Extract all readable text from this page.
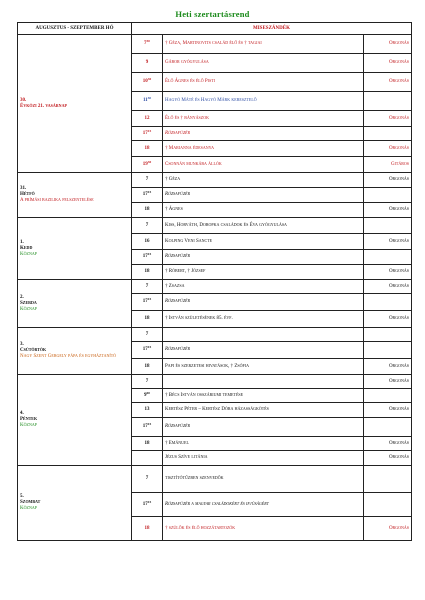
Heti szertartásrend
AUGUSZTUS - SZEPTEMBER HÓ	MISESZÁNDÉK		

30.
Évközi 21. vasárnap	$7^{30}$	† Géza, Martinovits család élő és † tagjai	Orgonás
	9	Gábor gyógyulása	Orgonás
	$10^{30}$	Élő Ágnes és élő Pisti	Orgonás
	$11^{30}$	Hagyó Máté és Hagyó Márk keresztelő	
	12	Élő és † bányászok	Orgonás
	$17^{15}$	Rózsafüzér	
	18	† Marianna édesanya	Orgonás
	$19^{30}$	Csonnán munkába állók	Gitáros

31.
Hétfő
A prímási bazilika felszentelése	7	† Géza	Orgonás
	$17^{15}$	Rózsafüzér	
	18	† Ágnes	Orgonás

1.
Kedd
Köznap	7	Kiss, Horváth, Doropka családok és Éva gyógyulása	
	16	Kolping Veni Sancte	Orgonás
	$17^{15}$	Rózsafüzér	
	18	† Róbert, † József	Orgonás

2.
Szerda
Köznap	7	† Zsazsa	Orgonás
	$17^{15}$	Rózsafüzér	
	18	† István születésének 85. évf.	Orgonás

3.
Csütörtök
Nagy Szent Gergely pápa és egyháztanító	7		
	$17^{15}$	Rózsafüzér	
	18	Papi és szerzetesi hivatások, † Zsófia	Orgonás

4.
Péntek
Köznap	7		Orgonás
	$9^{00}$	† Bécs István osszáriumi temetése	
	13	Kertész Péter – Kertész Dóra házasságkötés	Orgonás
	$17^{15}$	Rózsafüzér	
	18	† Emánuel	Orgonás
		Jézus Szíve litánia	Orgonás

5.
Szombat
Köznap	7	tisztítótűzben szenvedők	
	$17^{15}$	Rózsafüzér a magyar családokért és ifjúságért	
	18	† szülők és élő hozzátartozók	Orgonás
